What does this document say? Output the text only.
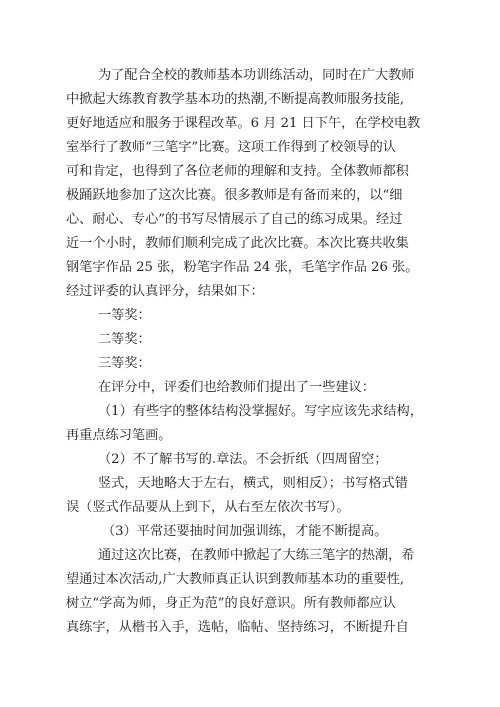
为了配合全校的教师基本功训练活动，同时在广大教师
中掀起大练教育教学基本功的热潮,不断提高教师服务技能,
更好地适应和服务于课程改革。6 月 21 日下午，在学校电教
室举行了教师“三笔字”比赛。这项工作得到了校领导的认
可和肯定，也得到了各位老师的理解和支持。全体教师都积
极踊跃地参加了这次比赛。很多教师是有备而来的，以“细
心、耐心、专心”的书写尽情展示了自己的练习成果。经过
近一个小时，教师们顺利完成了此次比赛。本次比赛共收集
钢笔字作品 25 张，粉笔字作品 24 张，毛笔字作品 26 张。
经过评委的认真评分，结果如下：
一等奖：
二等奖：
三等奖：
在评分中，评委们也给教师们提出了一些建议：
（1）有些字的整体结构没掌握好。写字应该先求结构，
再重点练习笔画。
（2）不了解书写的.章法。不会折纸（四周留空；
竖式，天地略大于左右，横式，则相反）；书写格式错
误（竖式作品要从上到下，从右至左依次书写）。
（3）平常还要抽时间加强训练，才能不断提高。
通过这次比赛，在教师中掀起了大练三笔字的热潮，希
望通过本次活动,广大教师真正认识到教师基本功的重要性,
树立“学高为师，身正为范”的良好意识。所有教师都应认
真练字，从楷书入手，选帖，临帖、坚持练习，不断提升自
